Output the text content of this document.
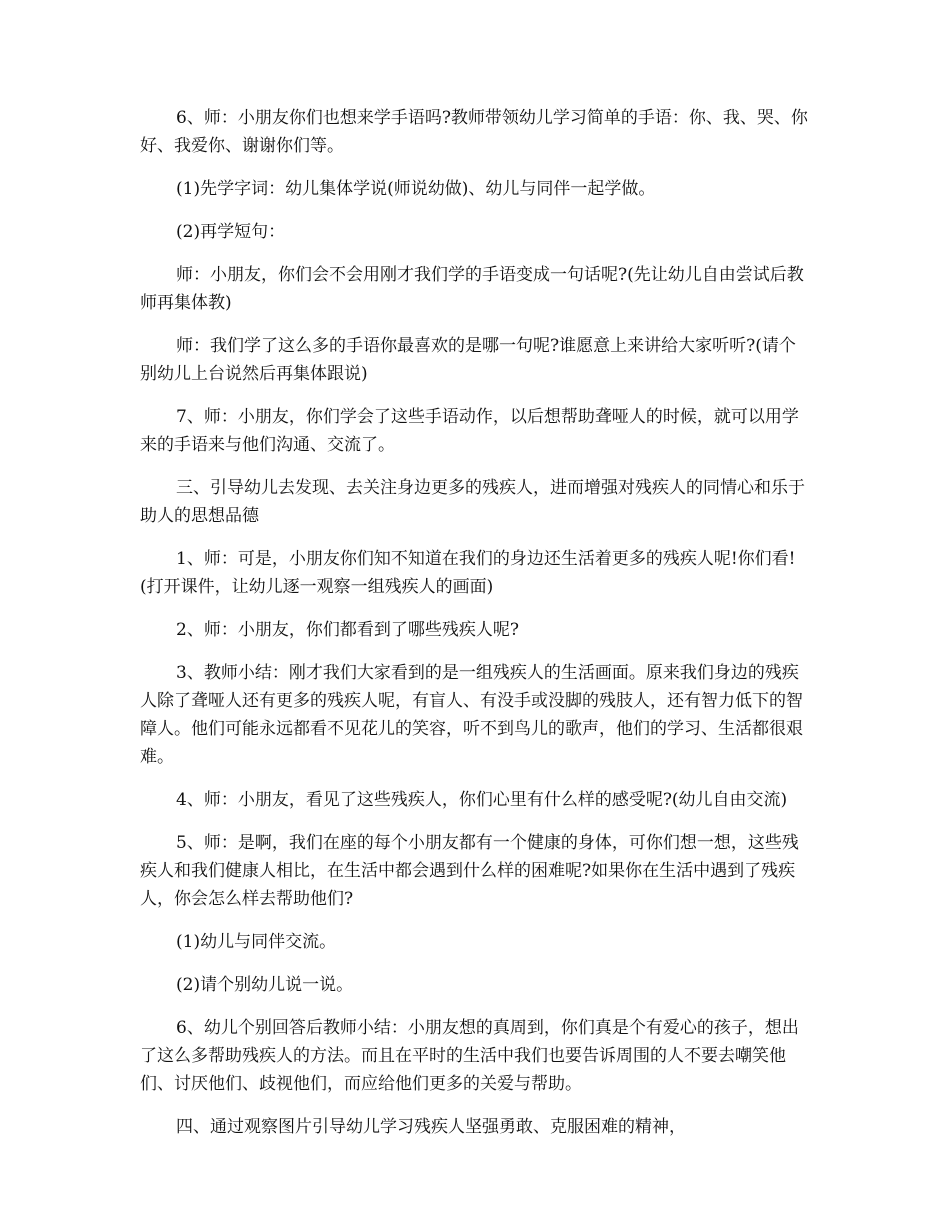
6、师：小朋友你们也想来学手语吗?教师带领幼儿学习简单的手语：你、我、哭、你好、我爱你、谢谢你们等。

(1)先学字词：幼儿集体学说(师说幼做)、幼儿与同伴一起学做。

(2)再学短句：

师：小朋友，你们会不会用刚才我们学的手语变成一句话呢?(先让幼儿自由尝试后教师再集体教)

师：我们学了这么多的手语你最喜欢的是哪一句呢?谁愿意上来讲给大家听听?(请个别幼儿上台说然后再集体跟说)

7、师：小朋友，你们学会了这些手语动作，以后想帮助聋哑人的时候，就可以用学来的手语来与他们沟通、交流了。

三、引导幼儿去发现、去关注身边更多的残疾人，进而增强对残疾人的同情心和乐于助人的思想品德

1、师：可是，小朋友你们知不知道在我们的身边还生活着更多的残疾人呢!你们看!(打开课件，让幼儿逐一观察一组残疾人的画面)

2、师：小朋友，你们都看到了哪些残疾人呢?

3、教师小结：刚才我们大家看到的是一组残疾人的生活画面。原来我们身边的残疾人除了聋哑人还有更多的残疾人呢，有盲人、有没手或没脚的残肢人，还有智力低下的智障人。他们可能永远都看不见花儿的笑容，听不到鸟儿的歌声，他们的学习、生活都很艰难。

4、师：小朋友，看见了这些残疾人，你们心里有什么样的感受呢?(幼儿自由交流)

5、师：是啊，我们在座的每个小朋友都有一个健康的身体，可你们想一想，这些残疾人和我们健康人相比，在生活中都会遇到什么样的困难呢?如果你在生活中遇到了残疾人，你会怎么样去帮助他们?

(1)幼儿与同伴交流。

(2)请个别幼儿说一说。

6、幼儿个别回答后教师小结：小朋友想的真周到，你们真是个有爱心的孩子，想出了这么多帮助残疾人的方法。而且在平时的生活中我们也要告诉周围的人不要去嘲笑他们、讨厌他们、歧视他们，而应给他们更多的关爱与帮助。

四、通过观察图片引导幼儿学习残疾人坚强勇敢、克服困难的精神，
